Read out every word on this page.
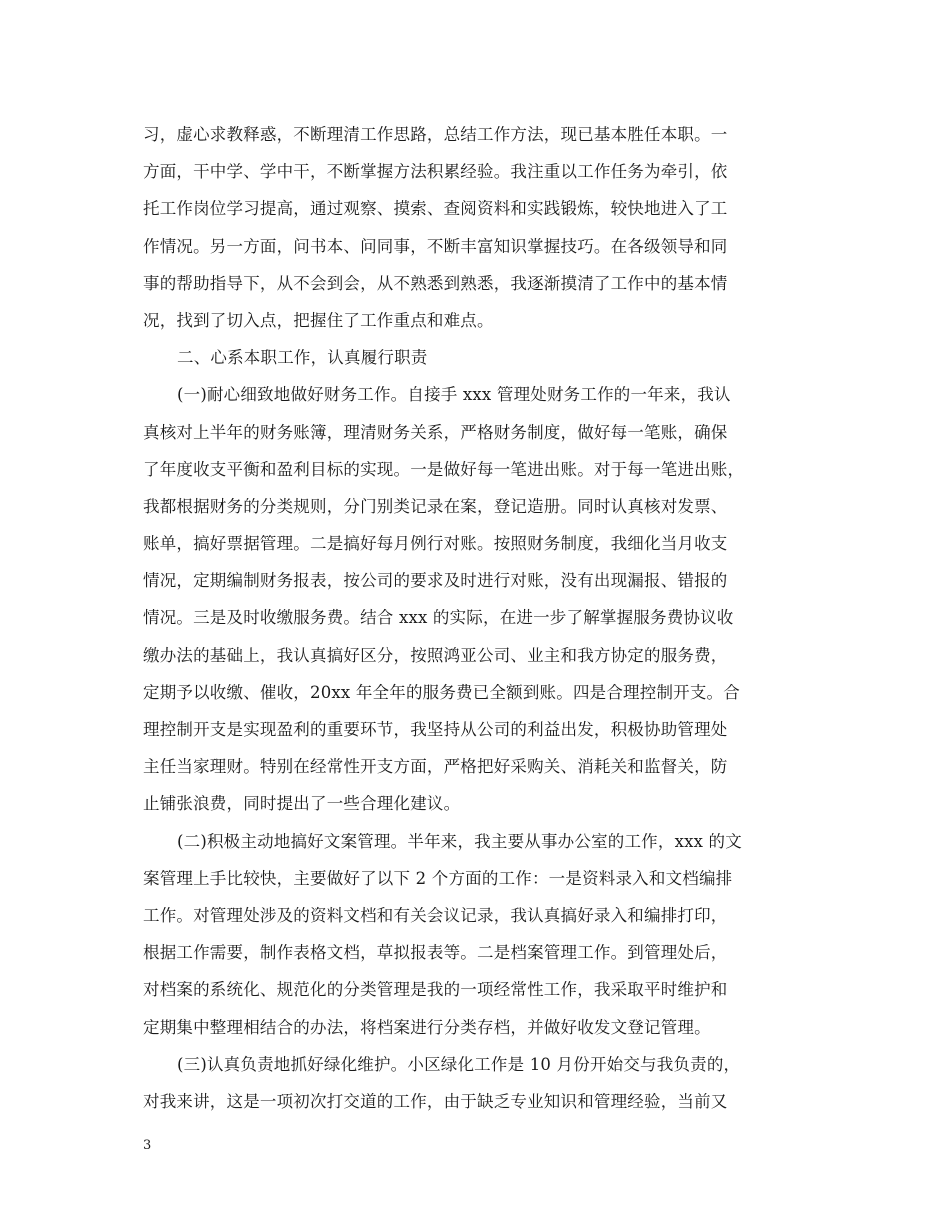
习，虚心求教释惑，不断理清工作思路，总结工作方法，现已基本胜任本职。一
方面，干中学、学中干，不断掌握方法积累经验。我注重以工作任务为牵引，依
托工作岗位学习提高，通过观察、摸索、查阅资料和实践锻炼，较快地进入了工
作情况。另一方面，问书本、问同事，不断丰富知识掌握技巧。在各级领导和同
事的帮助指导下，从不会到会，从不熟悉到熟悉，我逐渐摸清了工作中的基本情
况，找到了切入点，把握住了工作重点和难点。
二、心系本职工作，认真履行职责
(一)耐心细致地做好财务工作。自接手 xxx 管理处财务工作的一年来，我认
真核对上半年的财务账簿，理清财务关系，严格财务制度，做好每一笔账，确保
了年度收支平衡和盈利目标的实现。一是做好每一笔进出账。对于每一笔进出账，
我都根据财务的分类规则，分门别类记录在案，登记造册。同时认真核对发票、
账单，搞好票据管理。二是搞好每月例行对账。按照财务制度，我细化当月收支
情况，定期编制财务报表，按公司的要求及时进行对账，没有出现漏报、错报的
情况。三是及时收缴服务费。结合 xxx 的实际，在进一步了解掌握服务费协议收
缴办法的基础上，我认真搞好区分，按照鸿亚公司、业主和我方协定的服务费，
定期予以收缴、催收，20xx 年全年的服务费已全额到账。四是合理控制开支。合
理控制开支是实现盈利的重要环节，我坚持从公司的利益出发，积极协助管理处
主任当家理财。特别在经常性开支方面，严格把好采购关、消耗关和监督关，防
止铺张浪费，同时提出了一些合理化建议。
(二)积极主动地搞好文案管理。半年来，我主要从事办公室的工作，xxx 的文
案管理上手比较快，主要做好了以下 2 个方面的工作：一是资料录入和文档编排
工作。对管理处涉及的资料文档和有关会议记录，我认真搞好录入和编排打印，
根据工作需要，制作表格文档，草拟报表等。二是档案管理工作。到管理处后，
对档案的系统化、规范化的分类管理是我的一项经常性工作，我采取平时维护和
定期集中整理相结合的办法，将档案进行分类存档，并做好收发文登记管理。
(三)认真负责地抓好绿化维护。小区绿化工作是 10 月份开始交与我负责的，
对我来讲，这是一项初次打交道的工作，由于缺乏专业知识和管理经验，当前又
3
